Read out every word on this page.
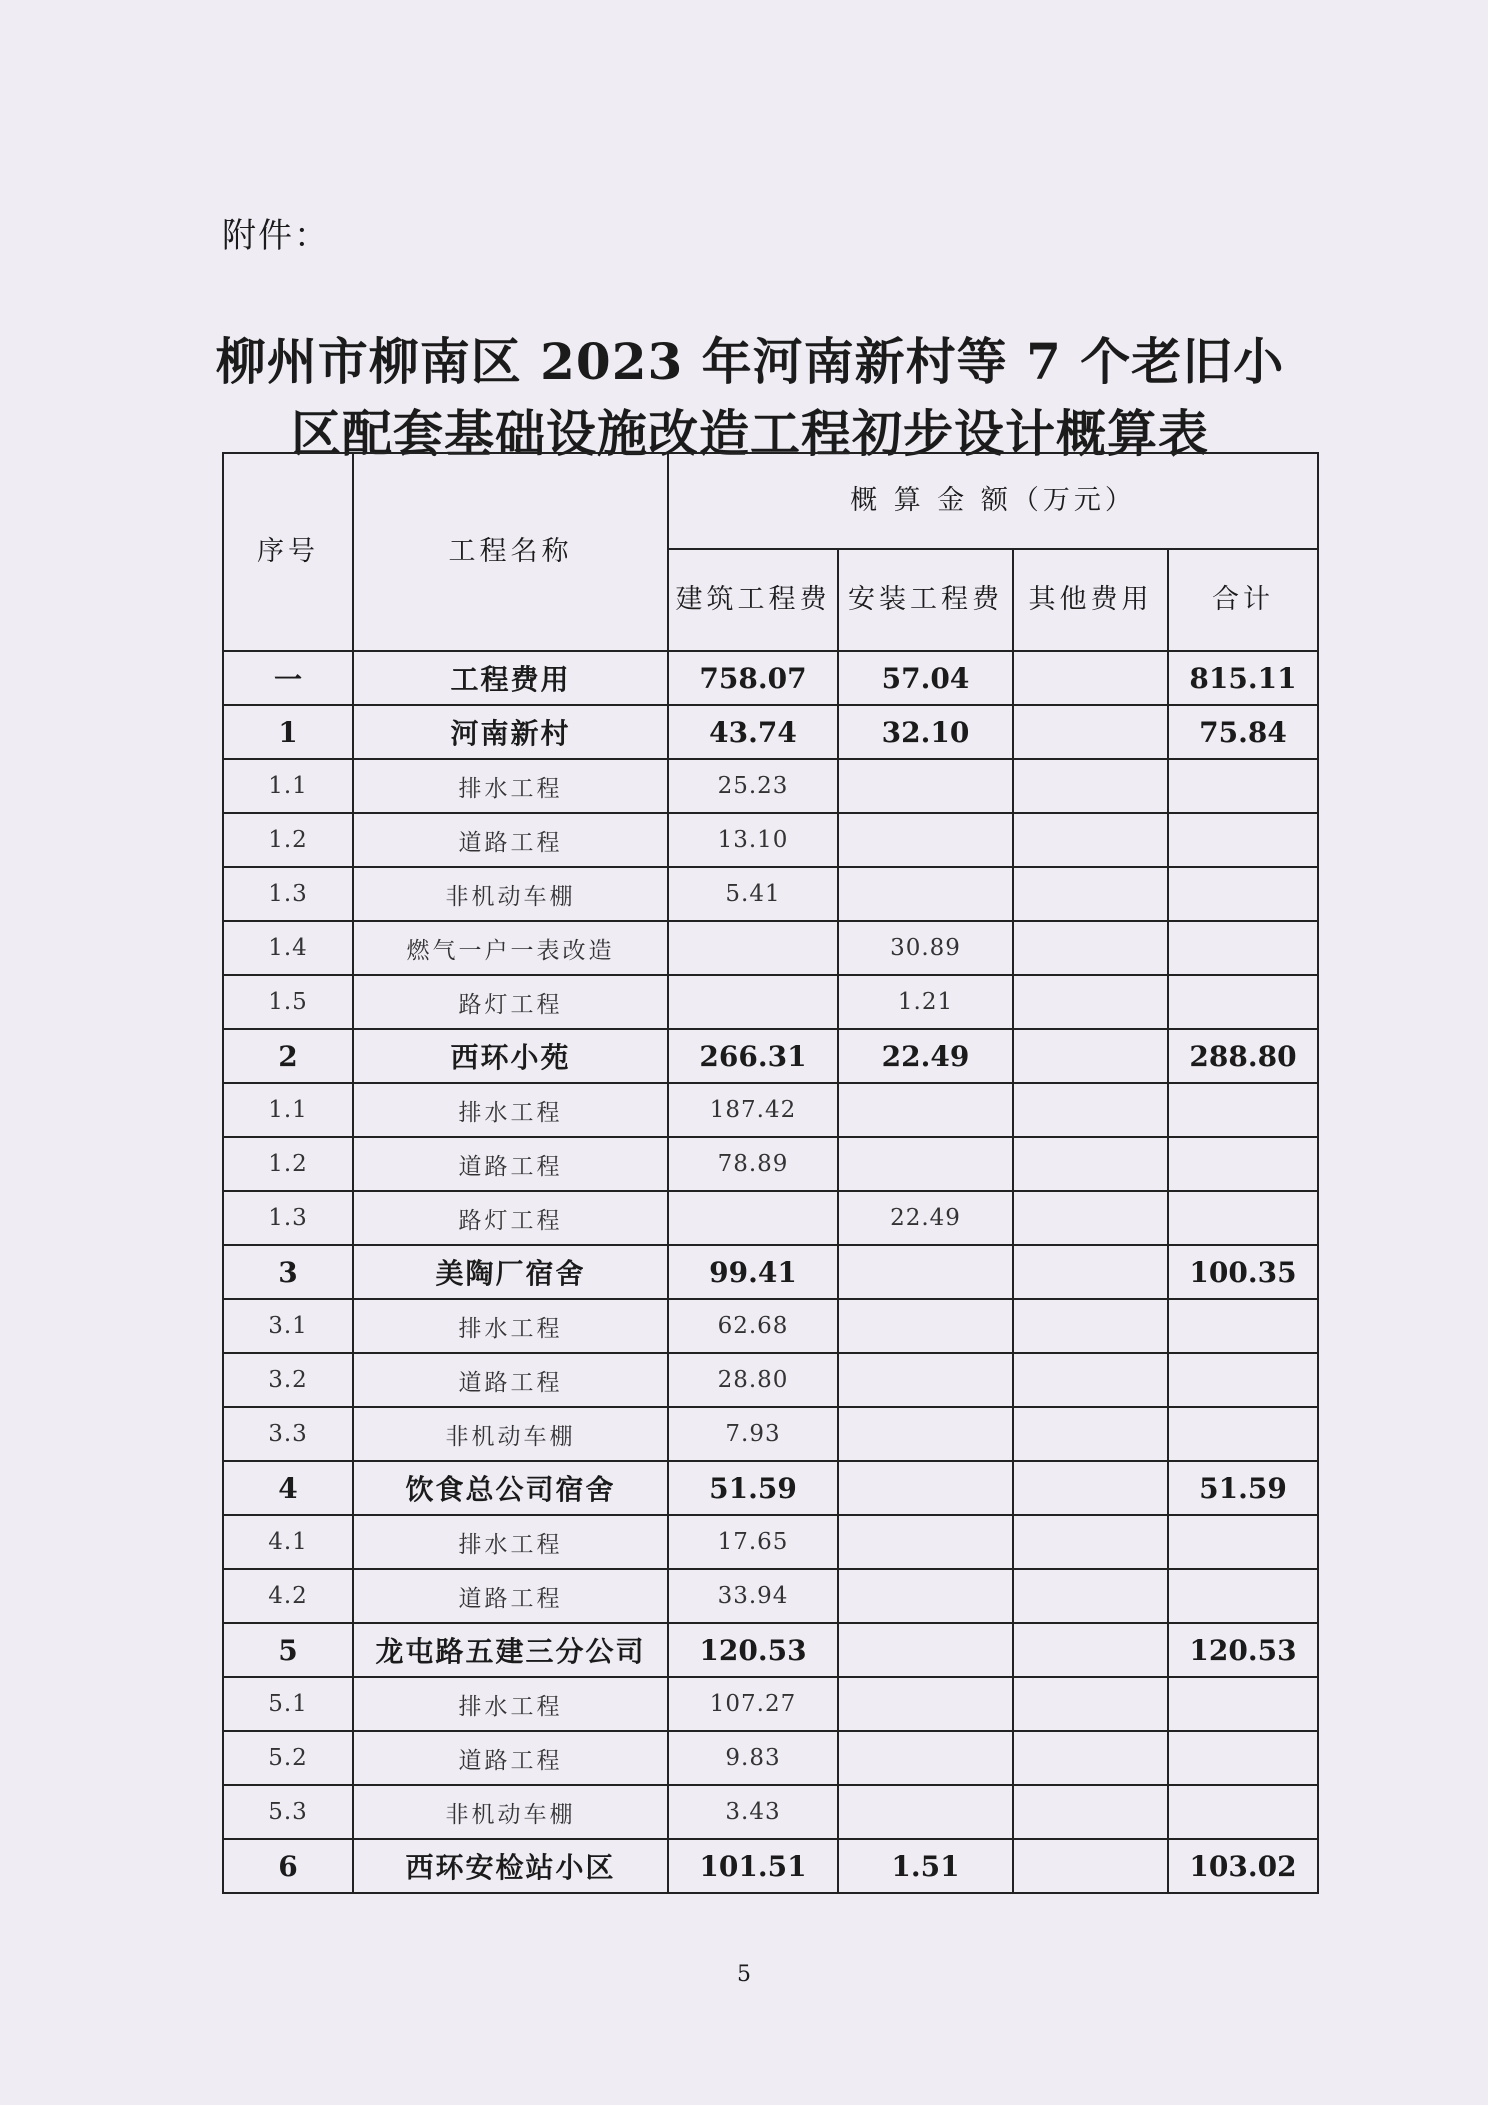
附件：
柳州市柳南区 2023 年河南新村等 7 个老旧小
区配套基础设施改造工程初步设计概算表
序号	工程名称	概 算 金 额（万元）			
		建筑工程费	安装工程费	其他费用	合计
一	工程费用	758.07	57.04		815.11
1	河南新村	43.74	32.10		75.84
1.1	排水工程	25.23			
1.2	道路工程	13.10			
1.3	非机动车棚	5.41			
1.4	燃气一户一表改造		30.89		
1.5	路灯工程		1.21		
2	西环小苑	266.31	22.49		288.80
1.1	排水工程	187.42			
1.2	道路工程	78.89			
1.3	路灯工程		22.49		
3	美陶厂宿舍	99.41			100.35
3.1	排水工程	62.68			
3.2	道路工程	28.80			
3.3	非机动车棚	7.93			
4	饮食总公司宿舍	51.59			51.59
4.1	排水工程	17.65			
4.2	道路工程	33.94			
5	龙屯路五建三分公司	120.53			120.53
5.1	排水工程	107.27			
5.2	道路工程	9.83			
5.3	非机动车棚	3.43			
6	西环安检站小区	101.51	1.51		103.02
5
